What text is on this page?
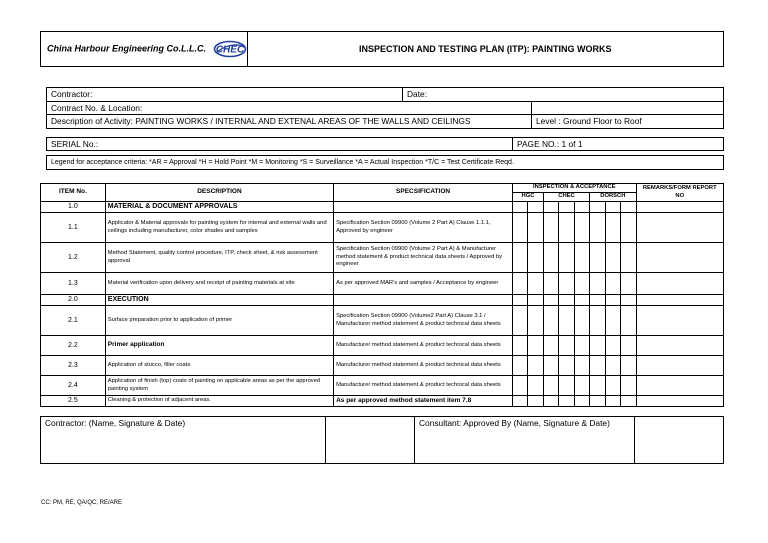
China Harbour Engineering Co.L.L.C. CHEC	INSPECTION AND TESTING PLAN (ITP): PAINTING WORKS
Contractor:	Date:	
Contract No. & Location:		
Description of Activity: PAINTING WORKS / INTERNAL AND EXTENAL AREAS OF THE WALLS AND CEILINGS		Level : Ground Floor to Roof
SERIAL No.:	PAGE NO.: 1 of 1
Legend for acceptance criteria: *AR = Approval *H = Hold Point *M = Monitoring *S = Surveillance *A = Actual Inspection *T/C = Test Certificate Reqd.
ITEM No.	DESCRIPTION	SPECSIFICATION	INSPECTION & ACCEPTANCE								REMARKS/FORM REPORT NO
			HGC		CHEC			DORSCH			
1.0	MATERIAL & DOCUMENT APPROVALS										
1.1	Applicator & Material approvals for painting system for internal and external walls and ceilings including manufacturer, color shades and samples	Specification Section 09900 (Volume 2 Part A) Clause 1.1.1, Approved by engineer									
1.2	Method Statement, quality control procedure, ITP, check sheet, & risk assessment approval	Specification Section 09900 (Volume 2 Part A) & Manufacturer method statement & product technical data sheets / Approved by engineer									
1.3	Material verification upon delivery and receipt of painting materials at site	As per approved MAR's and samples / Acceptance by engineer									
2.0	EXECUTION										
2.1	Surface preparation prior to application of primer	Specification Section 09900 (Volume2 Part A) Clause 3.1 / Manufacturer method statement & product technical data sheets									
2.2	Primer application	Manufacturer method statement & product technical data sheets									
2.3	Application of stucco, filler coats	Manufacturer method statement & product technical data sheets									
2.4	Application of finish (top) coats of painting on applicable areas as per the approved painting system	Manufacturer method statement & product technical data sheets									
2.5	Cleaning & protection of adjacent areas.	As per approved method statement item 7.8									
Contractor: (Name, Signature & Date)		Consultant: Approved By (Name, Signature & Date)	
CC: PM, RE, QA/QC, RE/ARE
